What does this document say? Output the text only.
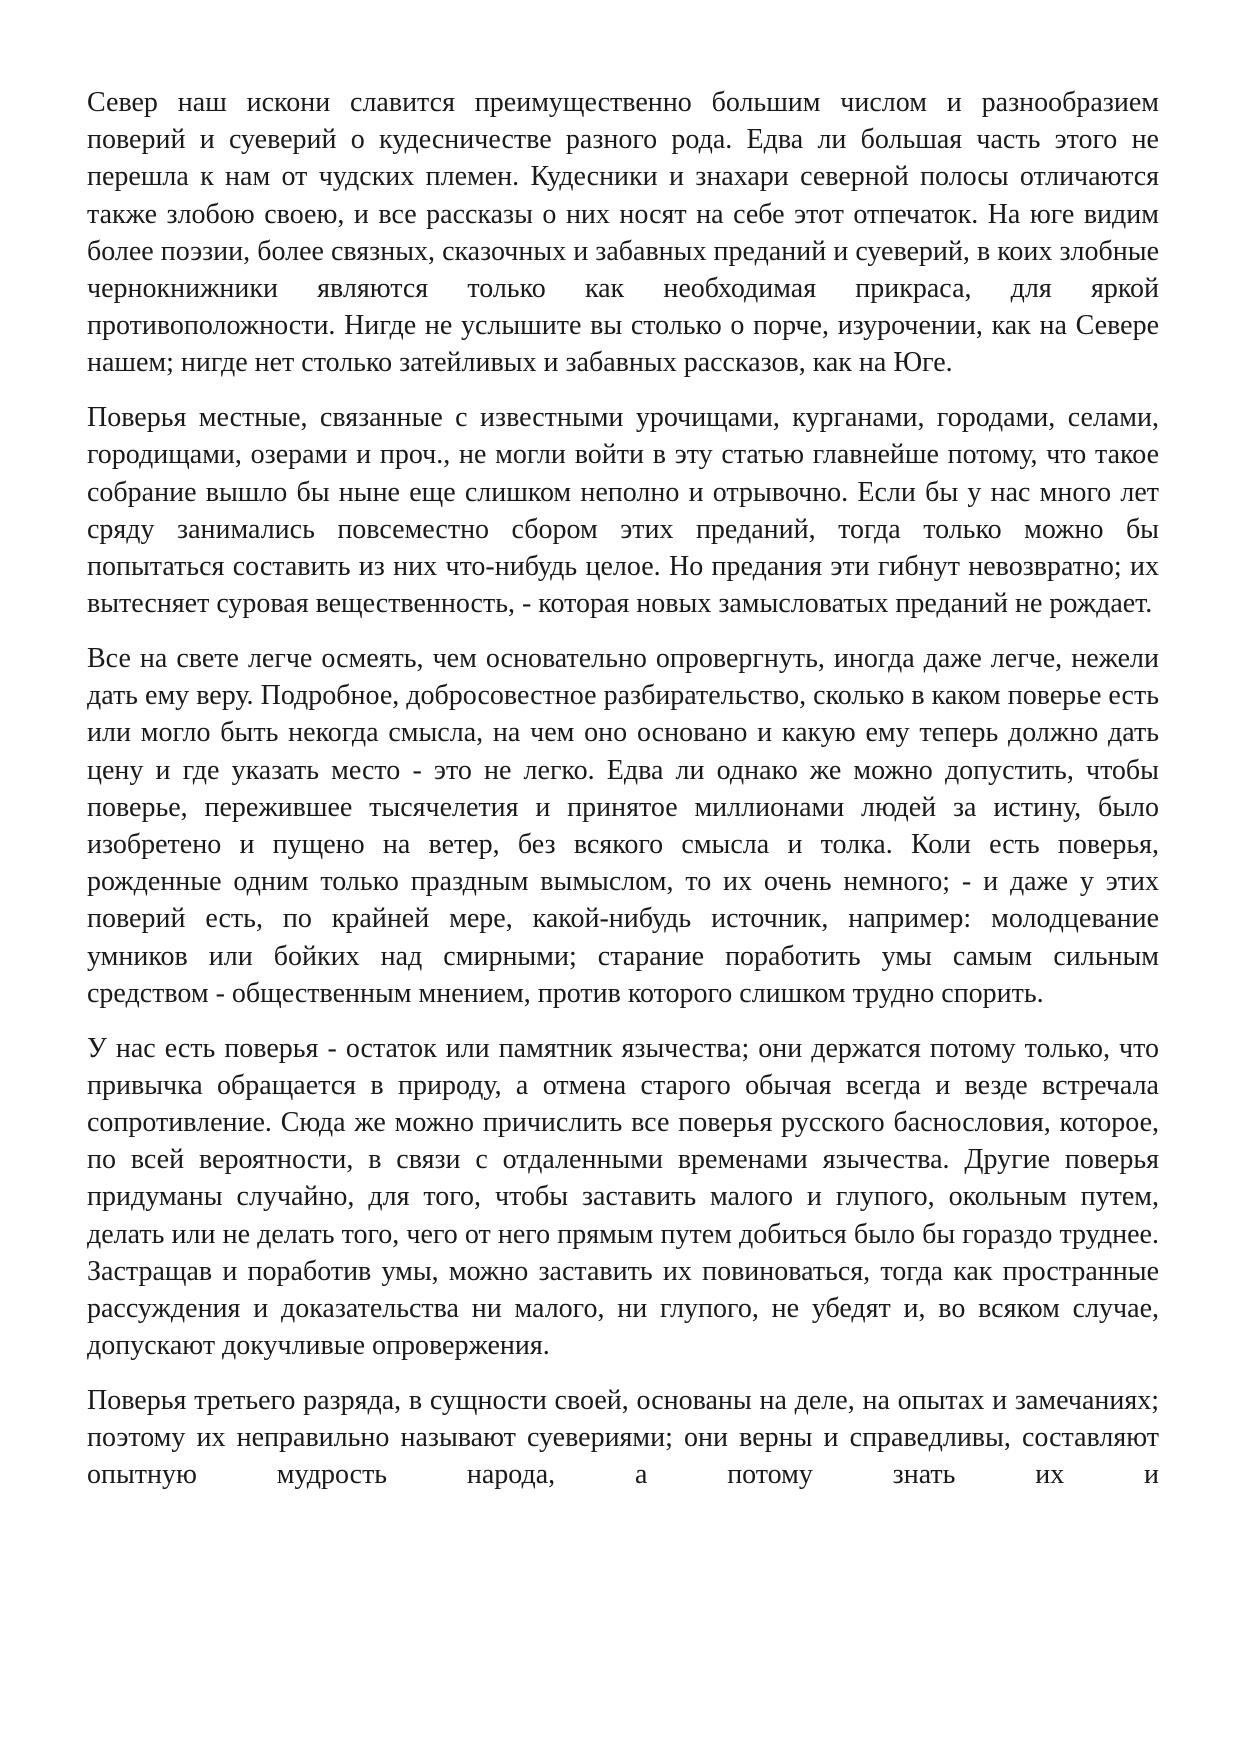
Север наш искони славится преимущественно большим числом и разнообразием поверий и суеверий о кудесничестве разного рода. Едва ли большая часть этого не перешла к нам от чудских племен. Кудесники и знахари северной полосы отличаются также злобою своею, и все рассказы о них носят на себе этот отпечаток. На юге видим более поэзии, более связных, сказочных и забавных преданий и суеверий, в коих злобные чернокнижники являются только как необходимая прикраса, для яркой противоположности. Нигде не услышите вы столько о порче, изурочении, как на Севере нашем; нигде нет столько затейливых и забавных рассказов, как на Юге.

Поверья местные, связанные с известными урочищами, курганами, городами, селами, городищами, озерами и проч., не могли войти в эту статью главнейше потому, что такое собрание вышло бы ныне еще слишком неполно и отрывочно. Если бы у нас много лет сряду занимались повсеместно сбором этих преданий, тогда только можно бы попытаться составить из них что-нибудь целое. Но предания эти гибнут невозвратно; их вытесняет суровая вещественность, - которая новых замысловатых преданий не рождает.

Все на свете легче осмеять, чем основательно опровергнуть, иногда даже легче, нежели дать ему веру. Подробное, добросовестное разбирательство, сколько в каком поверье есть или могло быть некогда смысла, на чем оно основано и какую ему теперь должно дать цену и где указать место - это не легко. Едва ли однако же можно допустить, чтобы поверье, пережившее тысячелетия и принятое миллионами людей за истину, было изобретено и пущено на ветер, без всякого смысла и толка. Коли есть поверья, рожденные одним только праздным вымыслом, то их очень немного; - и даже у этих поверий есть, по крайней мере, какой-нибудь источник, например: молодцевание умников или бойких над смирными; старание поработить умы самым сильным средством - общественным мнением, против которого слишком трудно спорить.

У нас есть поверья - остаток или памятник язычества; они держатся потому только, что привычка обращается в природу, а отмена старого обычая всегда и везде встречала сопротивление. Сюда же можно причислить все поверья русского баснословия, которое, по всей вероятности, в связи с отдаленными временами язычества. Другие поверья придуманы случайно, для того, чтобы заставить малого и глупого, окольным путем, делать или не делать того, чего от него прямым путем добиться было бы гораздо труднее. Застращав и поработив умы, можно заставить их повиноваться, тогда как пространные рассуждения и доказательства ни малого, ни глупого, не убедят и, во всяком случае, допускают докучливые опровержения.

Поверья третьего разряда, в сущности своей, основаны на деле, на опытах и замечаниях; поэтому их неправильно называют суевериями; они верны и справедливы, составляют опытную мудрость народа, а потому знать их и
